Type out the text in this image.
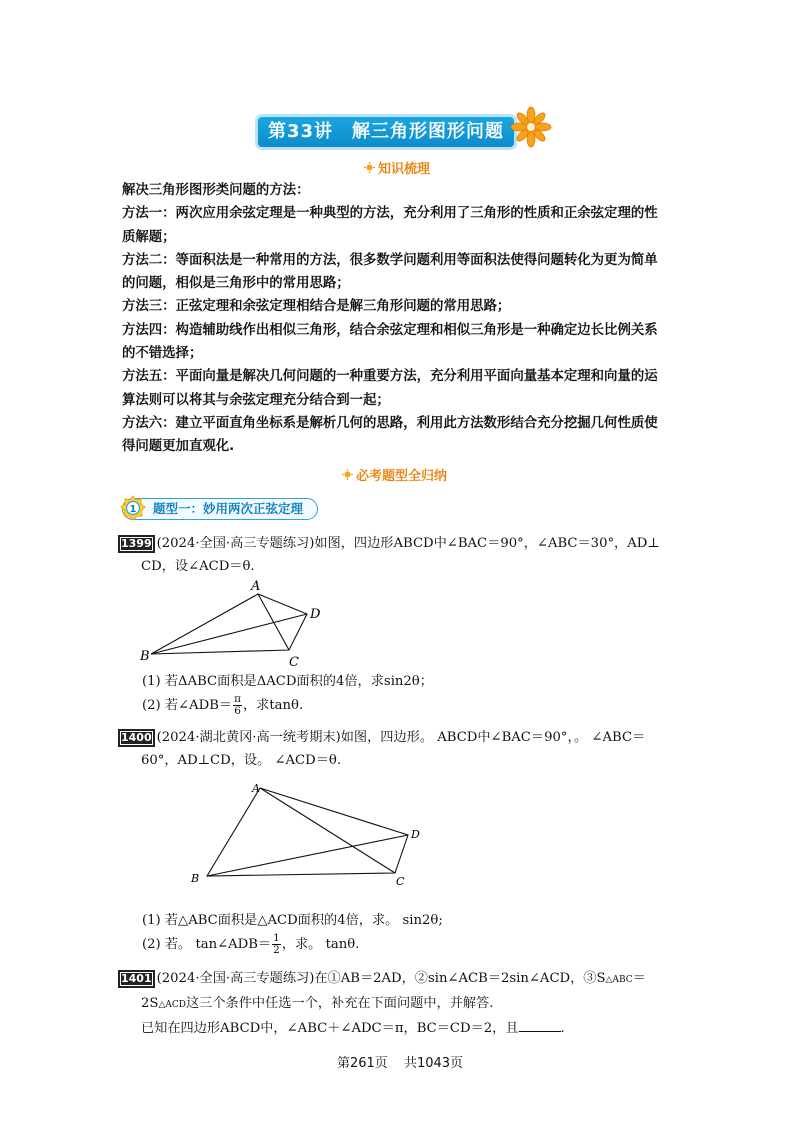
第33讲　解三角形图形问题
知识梳理

解决三角形图形类问题的方法：

方法一：两次应用余弦定理是一种典型的方法，充分利用了三角形的性质和正余弦定理的性

质解题；

方法二：等面积法是一种常用的方法，很多数学问题利用等面积法使得问题转化为更为简单

的问题，相似是三角形中的常用思路；

方法三：正弦定理和余弦定理相结合是解三角形问题的常用思路；

方法四：构造辅助线作出相似三角形，结合余弦定理和相似三角形是一种确定边长比例关系

的不错选择；

方法五：平面向量是解决几何问题的一种重要方法，充分利用平面向量基本定理和向量的运

算法则可以将其与余弦定理充分结合到一起；

方法六：建立平面直角坐标系是解析几何的思路，利用此方法数形结合充分挖掘几何性质使

得问题更加直观化.

必考题型全归纳
1 题型一：妙用两次正弦定理

1399 (2024·全国·高三专题练习)如图，四边形ABCD中∠BAC＝90°，∠ABC＝30°，AD⊥

CD，设∠ACD＝θ.

A
B	C
D
(1) 若ΔABC面积是ΔACD面积的4倍，求sin2θ；
(2) 若∠ADB＝ $\frac{\pi}{6}$ ，求tanθ.

1400 (2024·湖北黄冈·高一统考期末)如图，四边形。 ABCD中∠BAC＝90°，。 ∠ABC＝

60°，AD⊥CD，设。 ∠ACD＝θ.

A
B	C
D
(1) 若△ABC面积是△ACD面积的4倍，求。 sin2θ;
(2) 若。 tan∠ADB＝ $\frac{1}{2}$ ，求。 tanθ.

1401 (2024·全国·高三专题练习)在①AB＝2AD，②sin∠ACB＝2sin∠ACD，③S△ABC＝

2S△ACD这三个条件中任选一个，补充在下面问题中，并解答.

已知在四边形ABCD中，∠ABC＋∠ADC＝π，BC＝CD＝2，且	.

第261页 共1043页
